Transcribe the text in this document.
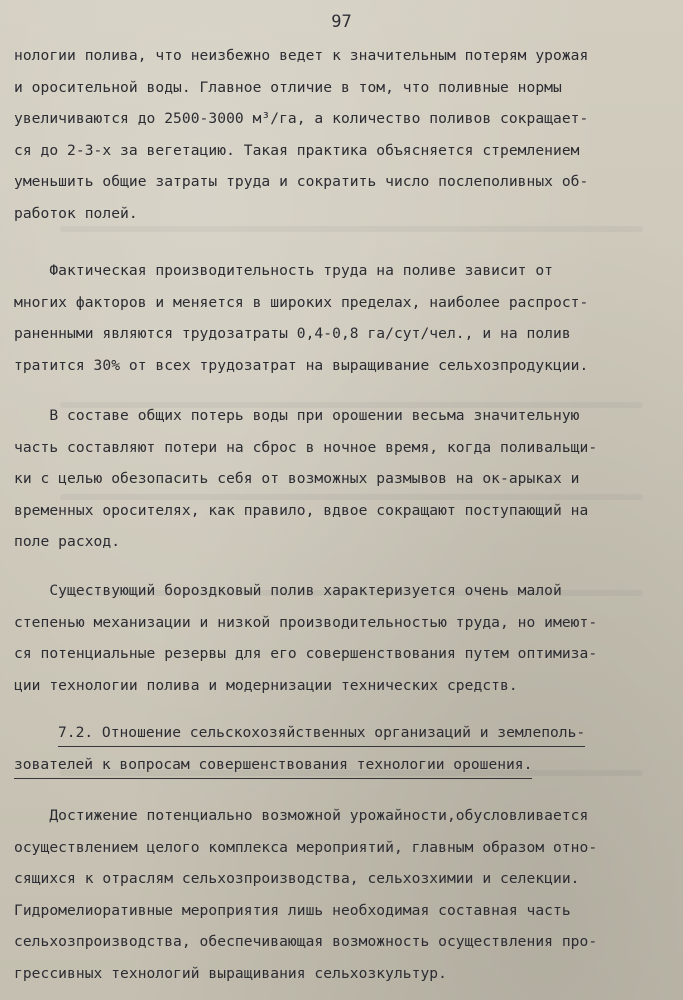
97
нологии полива, что неизбежно ведет к значительным потерям урожая
и оросительной воды. Главное отличие в том, что поливные нормы
увеличиваются до 2500-3000 м³/га, а количество поливов сокращает-
ся до 2-3-х за вегетацию. Такая практика объясняется стремлением
уменьшить общие затраты труда и сократить число послеполивных об-
работок полей.
Фактическая производительность труда на поливе зависит от
многих факторов и меняется в широких пределах, наиболее распрост-
раненными являются трудозатраты 0,4-0,8 га/сут/чел., и на полив
тратится 30% от всех трудозатрат на выращивание сельхозпродукции.
В составе общих потерь воды при орошении весьма значительную
часть составляют потери на сброс в ночное время, когда поливальщи-
ки с целью обезопасить себя от возможных размывов на ок-арыках и
временных оросителях, как правило, вдвое сокращают поступающий на
поле расход.
Существующий бороздковый полив характеризуется очень малой
степенью механизации и низкой производительностью труда, но имеют-
ся потенциальные резервы для его совершенствования путем оптимиза-
ции технологии полива и модернизации технических средств.
7.2. Отношение сельскохозяйственных организаций и землеполь-
зователей к вопросам совершенствования технологии орошения.
Достижение потенциально возможной урожайности,обусловливается
осуществлением целого комплекса мероприятий, главным образом отно-
сящихся к отраслям сельхозпроизводства, сельхозхимии и селекции.
Гидромелиоративные мероприятия лишь необходимая составная часть
сельхозпроизводства, обеспечивающая возможность осуществления про-
грессивных технологий выращивания сельхозкультур.
